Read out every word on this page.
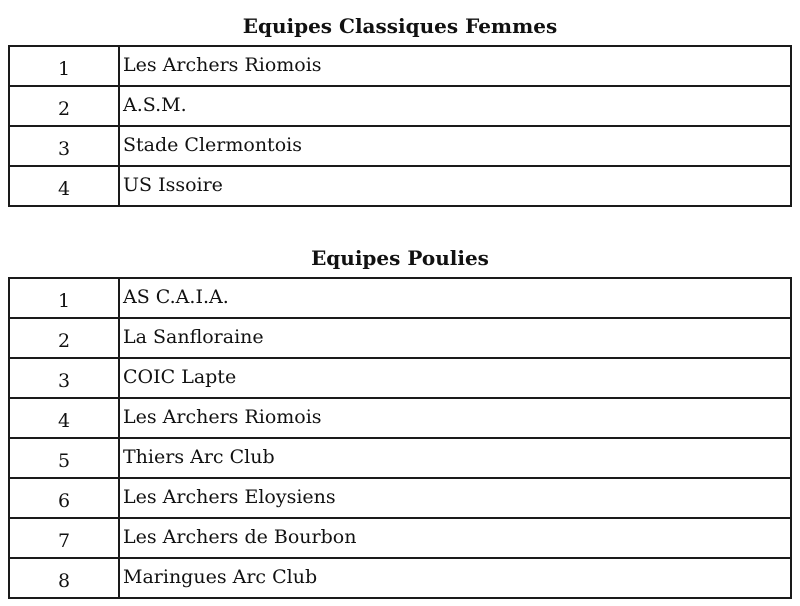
Equipes Classiques Femmes
1	Les Archers Riomois
2	A.S.M.
3	Stade Clermontois
4	US Issoire
Equipes Poulies
1	AS C.A.I.A.
2	La Sanfloraine
3	COIC Lapte
4	Les Archers Riomois
5	Thiers Arc Club
6	Les Archers Eloysiens
7	Les Archers de Bourbon
8	Maringues Arc Club
